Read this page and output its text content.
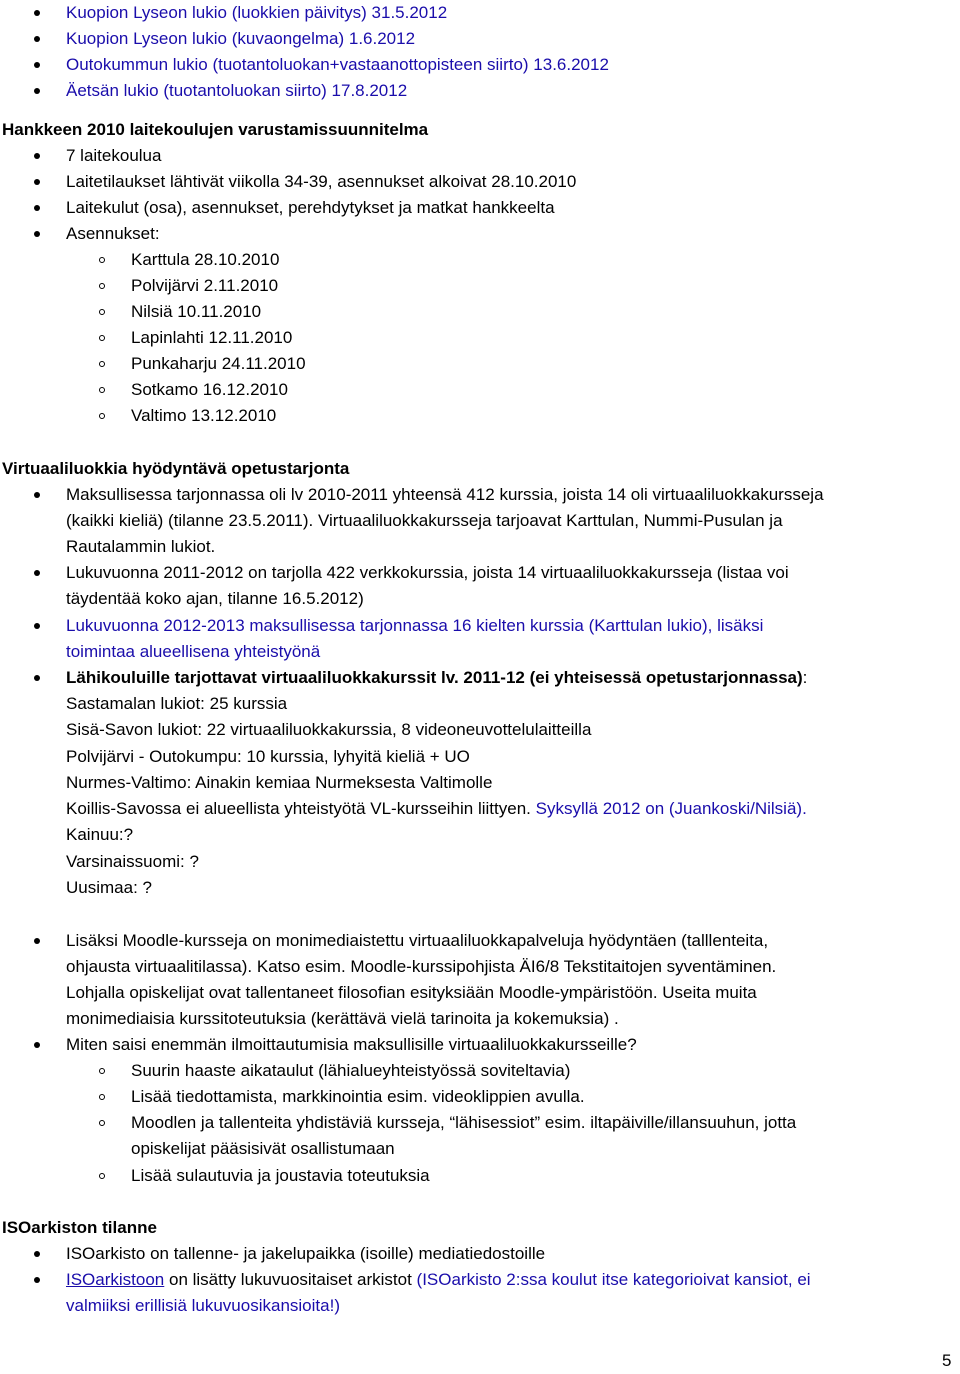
Kuopion Lyseon lukio (luokkien päivitys) 31.5.2012
Kuopion Lyseon lukio (kuvaongelma) 1.6.2012
Outokummun lukio (tuotantoluokan+vastaanottopisteen siirto) 13.6.2012
Äetsän lukio (tuotantoluokan siirto) 17.8.2012
Hankkeen 2010 laitekoulujen varustamissuunnitelma
7 laitekoulua
Laitetilaukset lähtivät viikolla 34-39, asennukset alkoivat 28.10.2010
Laitekulut (osa), asennukset, perehdytykset ja matkat hankkeelta
Asennukset:
Karttula 28.10.2010
Polvijärvi 2.11.2010
Nilsiä 10.11.2010
Lapinlahti 12.11.2010
Punkaharju 24.11.2010
Sotkamo 16.12.2010
Valtimo 13.12.2010
Virtuaaliluokkia hyödyntävä opetustarjonta
Maksullisessa tarjonnassa oli lv 2010-2011 yhteensä 412 kurssia, joista 14 oli virtuaaliluokkakursseja
(kaikki kieliä) (tilanne 23.5.2011). Virtuaaliluokkakursseja tarjoavat Karttulan, Nummi-Pusulan ja
Rautalammin lukiot.
Lukuvuonna 2011-2012 on tarjolla 422 verkkokurssia, joista 14 virtuaaliluokkakursseja (listaa voi
täydentää koko ajan, tilanne 16.5.2012)
Lukuvuonna 2012-2013 maksullisessa tarjonnassa 16 kielten kurssia (Karttulan lukio), lisäksi
toimintaa alueellisena yhteistyönä
Lähikouluille tarjottavat virtuaaliluokkakurssit lv. 2011-12 (ei yhteisessä opetustarjonnassa):
Sastamalan lukiot: 25 kurssia
Sisä-Savon lukiot: 22 virtuaaliluokkakurssia, 8 videoneuvottelulaitteilla
Polvijärvi - Outokumpu: 10 kurssia, lyhyitä kieliä + UO
Nurmes-Valtimo: Ainakin kemiaa Nurmeksesta Valtimolle
Koillis-Savossa ei alueellista yhteistyötä VL-kursseihin liittyen. Syksyllä 2012 on (Juankoski/Nilsiä).
Kainuu:?
Varsinaissuomi: ?
Uusimaa: ?
Lisäksi Moodle-kursseja on monimediaistettu virtuaaliluokkapalveluja hyödyntäen (talllenteita,
ohjausta virtuaalitilassa). Katso esim. Moodle-kurssipohjista ÄI6/8 Tekstitaitojen syventäminen.
Lohjalla opiskelijat ovat tallentaneet filosofian esityksiään Moodle-ympäristöön. Useita muita
monimediaisia kurssitoteutuksia (kerättävä vielä tarinoita ja kokemuksia) .
Miten saisi enemmän ilmoittautumisia maksullisille virtuaaliluokkakursseille?
Suurin haaste aikataulut (lähialueyhteistyössä soviteltavia)
Lisää tiedottamista, markkinointia esim. videoklippien avulla.
Moodlen ja tallenteita yhdistäviä kursseja, “lähisessiot” esim. iltapäiville/illansuuhun, jotta
opiskelijat pääsisivät osallistumaan
Lisää sulautuvia ja joustavia toteutuksia
ISOarkiston tilanne
ISOarkisto on tallenne- ja jakelupaikka (isoille) mediatiedostoille
ISOarkistoon on lisätty lukuvuositaiset arkistot (ISOarkisto 2:ssa koulut itse kategorioivat kansiot, ei
valmiiksi erillisiä lukuvuosikansioita!)
5
